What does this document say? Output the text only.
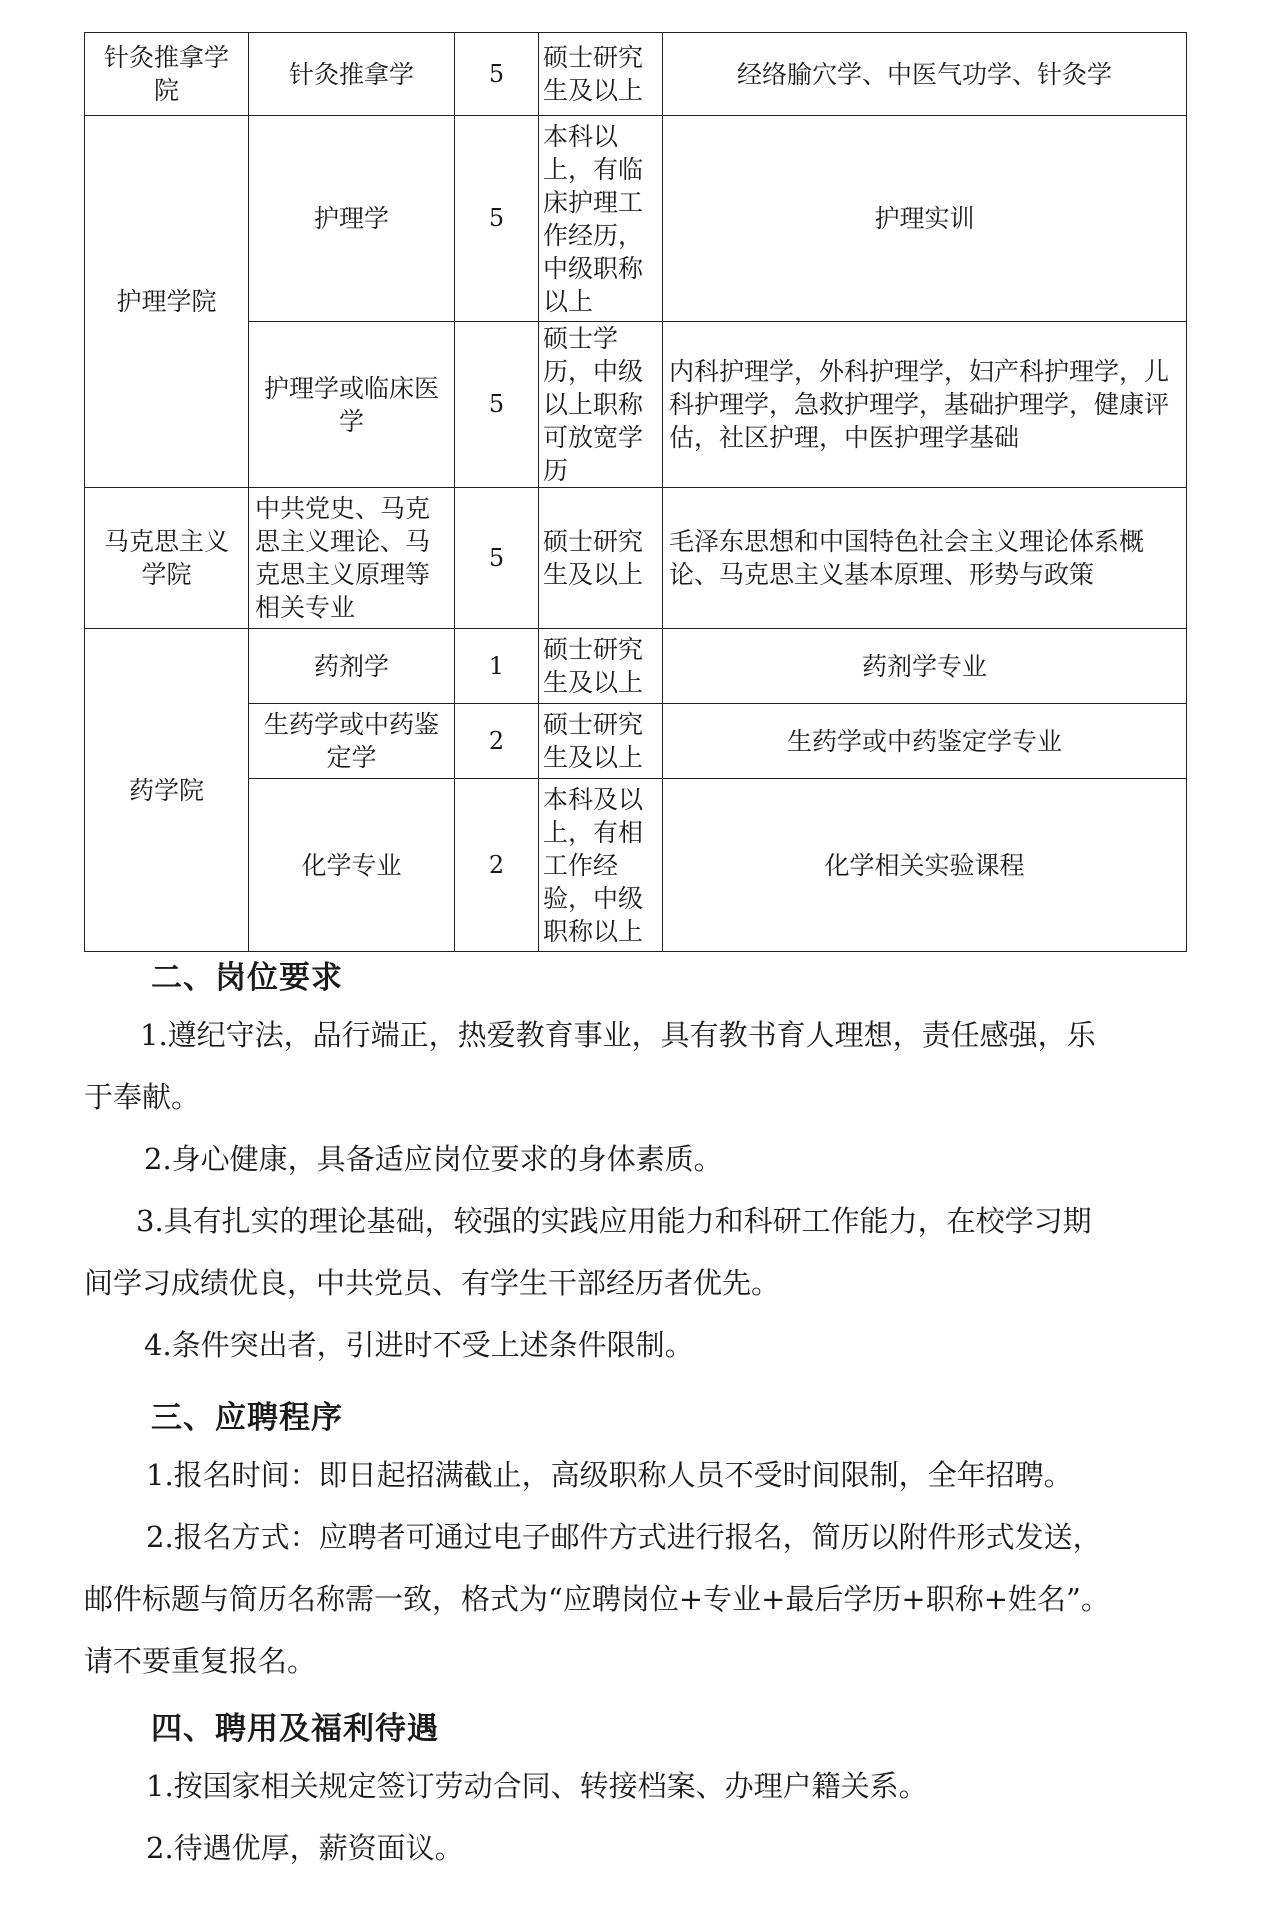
针灸推拿学院	针灸推拿学	5	硕士研究生及以上	经络腧穴学、中医气功学、针灸学
护理学院	护理学	5	本科以上，有临床护理工作经历，中级职称以上	护理实训
	护理学或临床医学	5	硕士学历，中级以上职称可放宽学历	内科护理学，外科护理学，妇产科护理学，儿科护理学，急救护理学，基础护理学，健康评估，社区护理，中医护理学基础
马克思主义学院	中共党史、马克思主义理论、马克思主义原理等相关专业	5	硕士研究生及以上	毛泽东思想和中国特色社会主义理论体系概论、马克思主义基本原理、形势与政策
药学院	药剂学	1	硕士研究生及以上	药剂学专业
	生药学或中药鉴定学	2	硕士研究生及以上	生药学或中药鉴定学专业
	化学专业	2	本科及以上，有相工作经验，中级职称以上	化学相关实验课程
二、岗位要求
1.遵纪守法，品行端正，热爱教育事业，具有教书育人理想，责任感强，乐
于奉献。
2.身心健康，具备适应岗位要求的身体素质。
3.具有扎实的理论基础，较强的实践应用能力和科研工作能力，在校学习期
间学习成绩优良，中共党员、有学生干部经历者优先。
4.条件突出者，引进时不受上述条件限制。
三、应聘程序
1.报名时间：即日起招满截止，高级职称人员不受时间限制，全年招聘。
2.报名方式：应聘者可通过电子邮件方式进行报名，简历以附件形式发送，
邮件标题与简历名称需一致，格式为“应聘岗位+专业+最后学历+职称+姓名”。
请不要重复报名。
四、聘用及福利待遇
1.按国家相关规定签订劳动合同、转接档案、办理户籍关系。
2.待遇优厚，薪资面议。
